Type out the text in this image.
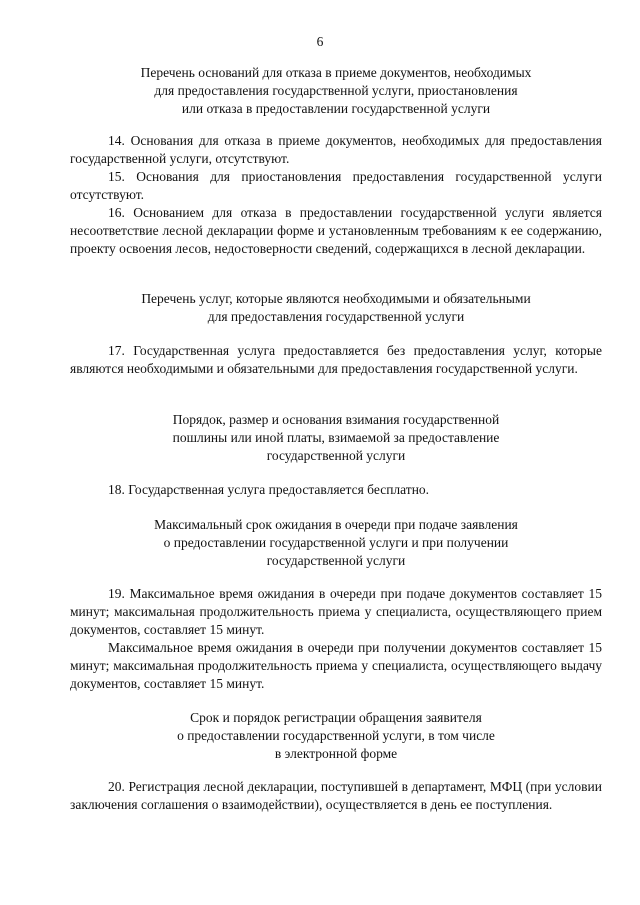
6
Перечень оснований для отказа в приеме документов, необходимых
для предоставления государственной услуги, приостановления
или отказа в предоставлении государственной услуги
14. Основания для отказа в приеме документов, необходимых для предоставления государственной услуги, отсутствуют.
15. Основания для приостановления предоставления государственной услуги отсутствуют.
16. Основанием для отказа в предоставлении государственной услуги является несоответствие лесной декларации форме и установленным требованиям к ее содержанию, проекту освоения лесов, недостоверности сведений, содержащихся в лесной декларации.
Перечень услуг, которые являются необходимыми и обязательными
для предоставления государственной услуги
17. Государственная услуга предоставляется без предоставления услуг, которые являются необходимыми и обязательными для предоставления государственной услуги.
Порядок, размер и основания взимания государственной
пошлины или иной платы, взимаемой за предоставление
государственной услуги
18. Государственная услуга предоставляется бесплатно.
Максимальный срок ожидания в очереди при подаче заявления
о предоставлении государственной услуги и при получении
государственной услуги
19. Максимальное время ожидания в очереди при подаче документов составляет 15 минут; максимальная продолжительность приема у специалиста, осуществляющего прием документов, составляет 15 минут.
Максимальное время ожидания в очереди при получении документов составляет 15 минут; максимальная продолжительность приема у специалиста, осуществляющего выдачу документов, составляет 15 минут.
Срок и порядок регистрации обращения заявителя
о предоставлении государственной услуги, в том числе
в электронной форме
20. Регистрация лесной декларации, поступившей в департамент, МФЦ (при условии заключения соглашения о взаимодействии), осуществляется в день ее поступления.
